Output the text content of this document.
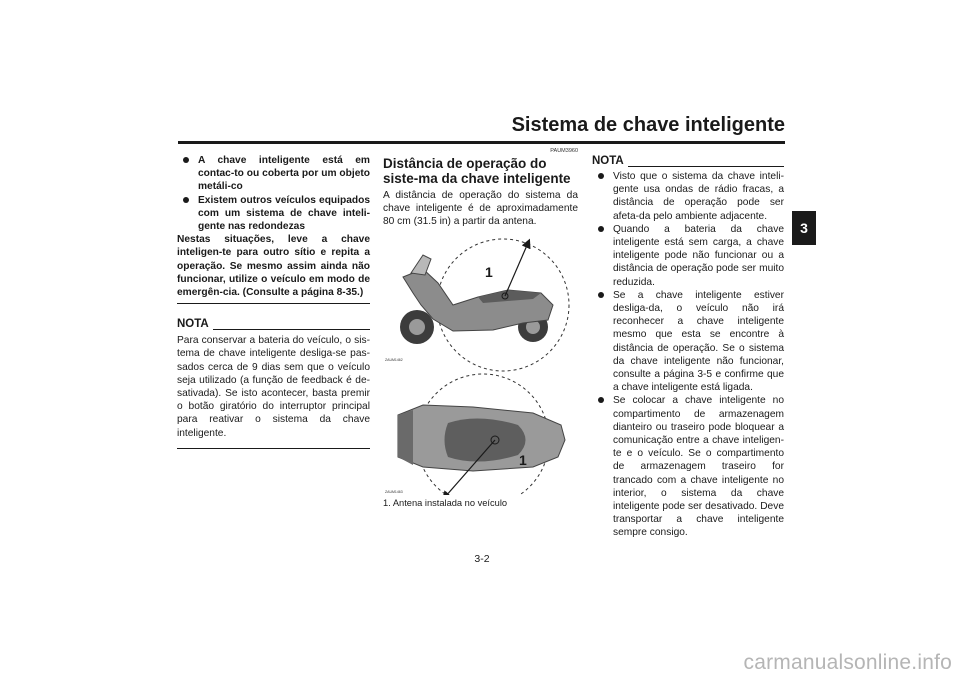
Sistema de chave inteligente
3
A chave inteligente está em contac-to ou coberta por um objeto metáli-co
Existem outros veículos equipados com um sistema de chave inteli-gente nas redondezas
Nestas situações, leve a chave inteligen-te para outro sítio e repita a operação. Se mesmo assim ainda não funcionar, utilize o veículo em modo de emergên-cia. (Consulte a página 8-35.)
NOTA
Para conservar a bateria do veículo, o sis-tema de chave inteligente desliga-se pas-sados cerca de 9 dias sem que o veículo seja utilizado (a função de feedback é de-sativada). Se isto acontecer, basta premir o botão giratório do interruptor principal para reativar o sistema da chave inteligente.
PAUM3960
Distância de operação do siste-ma da chave inteligente
A distância de operação do sistema da chave inteligente é de aproximadamente 80 cm (31.5 in) a partir da antena.
1
ZAUM1462
1
ZAUM1463
1. Antena instalada no veículo
NOTA
Visto que o sistema da chave inteli-gente usa ondas de rádio fracas, a distância de operação pode ser afeta-da pelo ambiente adjacente.
Quando a bateria da chave inteligente está sem carga, a chave inteligente pode não funcionar ou a distância de operação pode ser muito reduzida.
Se a chave inteligente estiver desliga-da, o veículo não irá reconhecer a chave inteligente mesmo que esta se encontre à distância de operação. Se o sistema da chave inteligente não funcionar, consulte a página 3-5 e confirme que a chave inteligente está ligada.
Se colocar a chave inteligente no compartimento de armazenagem dianteiro ou traseiro pode bloquear a comunicação entre a chave inteligen-te e o veículo. Se o compartimento de armazenagem traseiro for trancado com a chave inteligente no interior, o sistema da chave inteligente pode ser desativado. Deve transportar a chave inteligente sempre consigo.
3-2
carmanualsonline.info
